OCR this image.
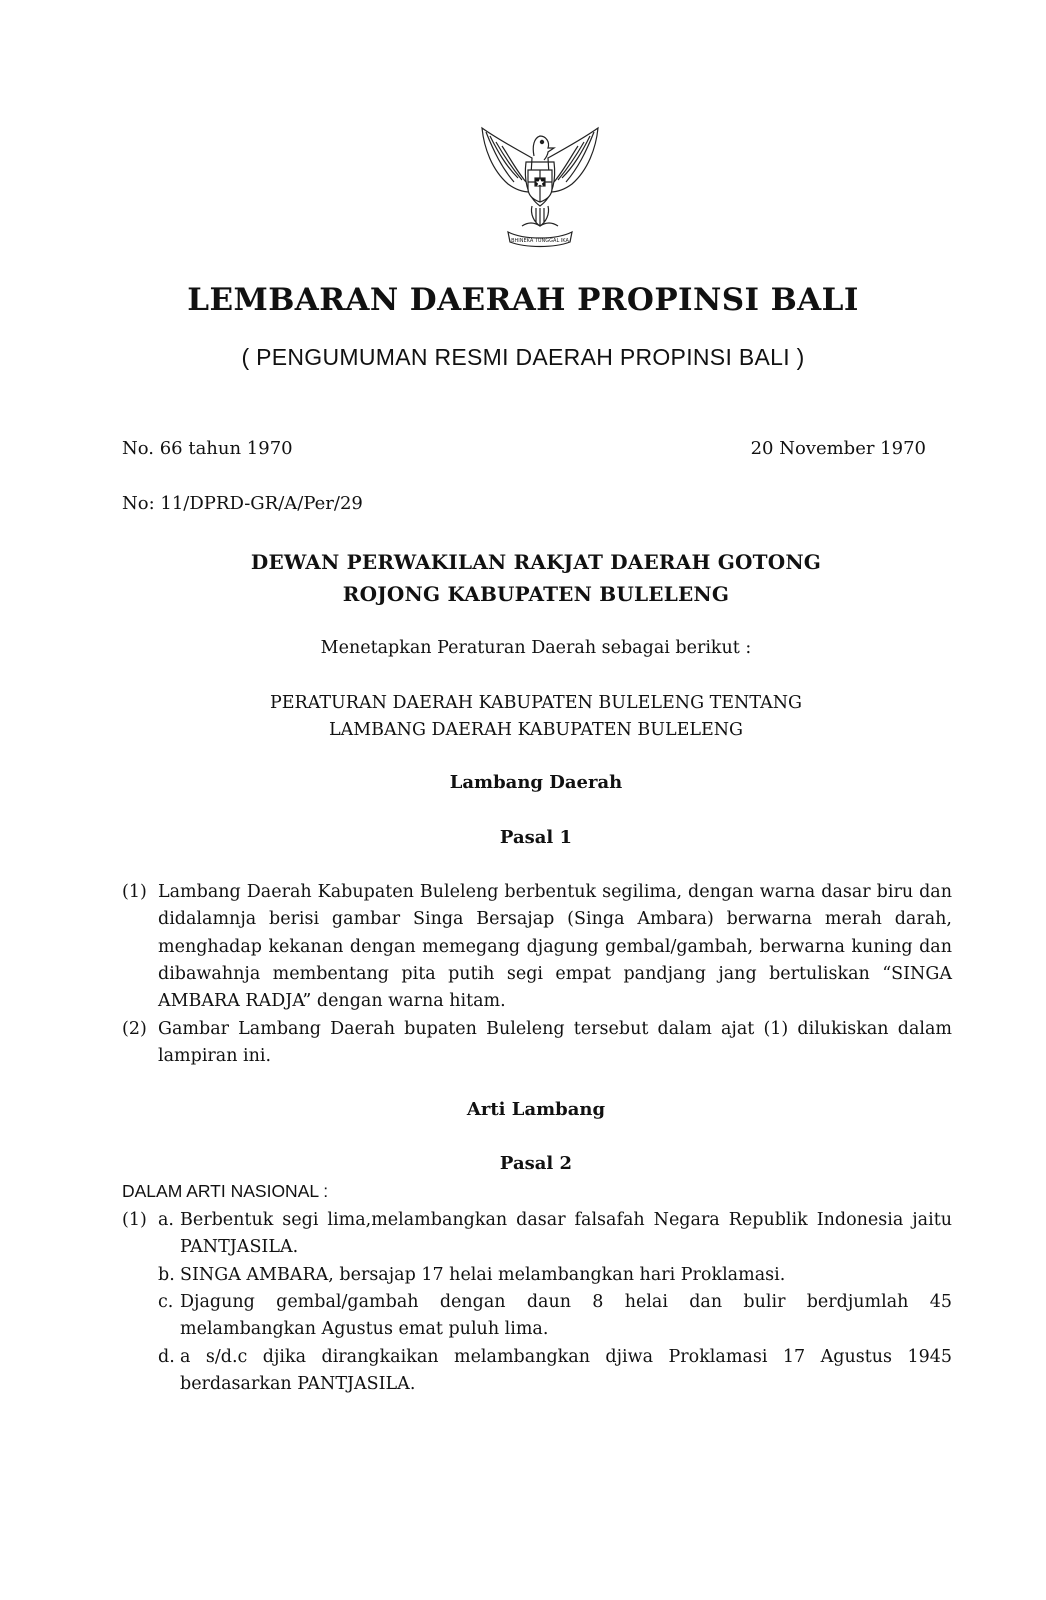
BHINEKA TUNGGAL IKA
LEMBARAN DAERAH PROPINSI BALI
( PENGUMUMAN RESMI DAERAH PROPINSI BALI )
No. 66 tahun 1970	20 November 1970
No: 11/DPRD-GR/A/Per/29
DEWAN PERWAKILAN RAKJAT DAERAH GOTONG
ROJONG KABUPATEN BULELENG
Menetapkan Peraturan Daerah sebagai berikut :
PERATURAN DAERAH KABUPATEN BULELENG TENTANG
LAMBANG DAERAH KABUPATEN BULELENG
Lambang Daerah
Pasal 1
(1) Lambang Daerah Kabupaten Buleleng berbentuk segilima, dengan warna dasar biru dan didalamnja berisi gambar Singa Bersajap (Singa Ambara) berwarna merah darah, menghadap kekanan dengan memegang djagung gembal/gambah, berwarna kuning dan dibawahnja membentang pita putih segi empat pandjang jang bertuliskan “SINGA AMBARA RADJA” dengan warna hitam.
(2) Gambar Lambang Daerah bupaten Buleleng tersebut dalam ajat (1) dilukiskan dalam lampiran ini.
Arti Lambang
Pasal 2
DALAM ARTI NASIONAL :
(1) a. Berbentuk segi lima,melambangkan dasar falsafah Negara Republik Indonesia jaitu PANTJASILA.
b. SINGA AMBARA, bersajap 17 helai melambangkan hari Proklamasi.
c. Djagung gembal/gambah dengan daun 8 helai dan bulir berdjumlah 45 melambangkan Agustus emat puluh lima.
d. a s/d.c djika dirangkaikan melambangkan djiwa Proklamasi 17 Agustus 1945 berdasarkan PANTJASILA.
